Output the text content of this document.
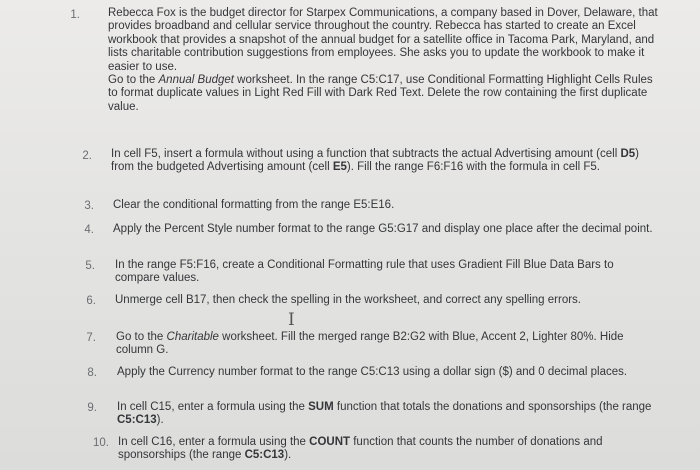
1. Rebecca Fox is the budget director for Starpex Communications, a company based in Dover, Delaware, that provides broadband and cellular service throughout the country. Rebecca has started to create an Excel workbook that provides a snapshot of the annual budget for a satellite office in Tacoma Park, Maryland, and lists charitable contribution suggestions from employees. She asks you to update the workbook to make it easier to use.

Go to the Annual Budget worksheet. In the range C5:C17, use Conditional Formatting Highlight Cells Rules to format duplicate values in Light Red Fill with Dark Red Text. Delete the row containing the first duplicate value.

2. In cell F5, insert a formula without using a function that subtracts the actual Advertising amount (cell D5) from the budgeted Advertising amount (cell E5). Fill the range F6:F16 with the formula in cell F5.

3. Clear the conditional formatting from the range E5:E16.

4. Apply the Percent Style number format to the range G5:G17 and display one place after the decimal point.

5. In the range F5:F16, create a Conditional Formatting rule that uses Gradient Fill Blue Data Bars to compare values.

6. Unmerge cell B17, then check the spelling in the worksheet, and correct any spelling errors.

I
7. Go to the Charitable worksheet. Fill the merged range B2:G2 with Blue, Accent 2, Lighter 80%. Hide column G.

8. Apply the Currency number format to the range C5:C13 using a dollar sign ($) and 0 decimal places.

9. In cell C15, enter a formula using the SUM function that totals the donations and sponsorships (the range C5:C13).

10. In cell C16, enter a formula using the COUNT function that counts the number of donations and sponsorships (the range C5:C13).
